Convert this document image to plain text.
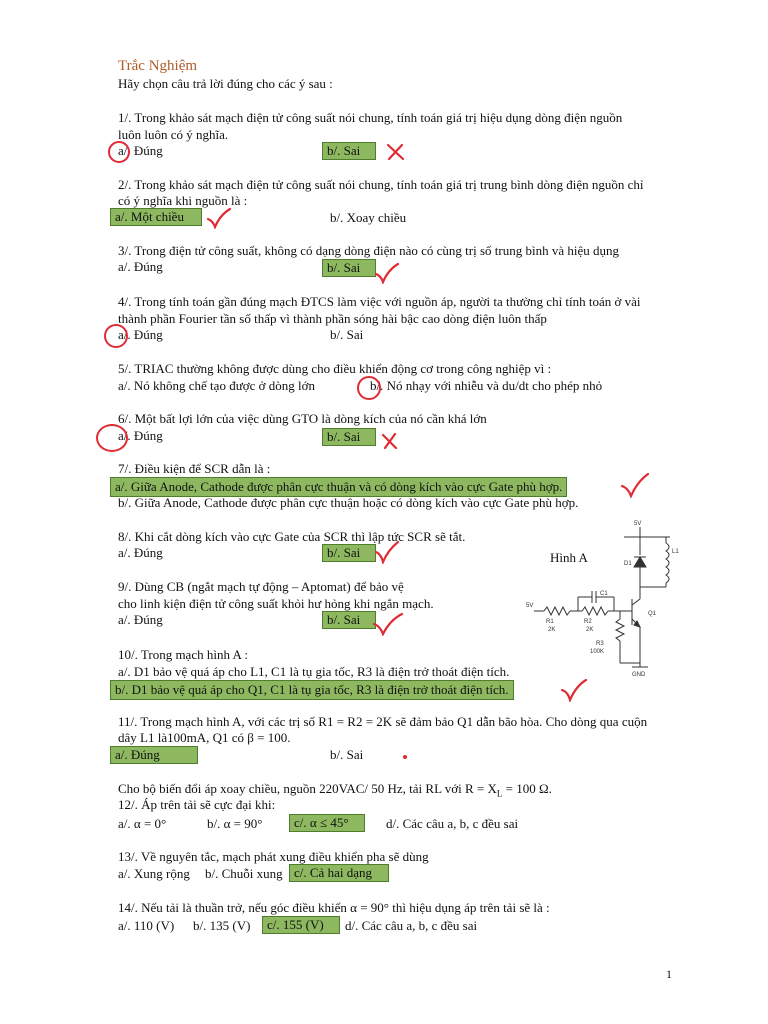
Trắc Nghiệm
Hãy chọn câu trả lời đúng cho các ý sau :
1/. Trong khảo sát mạch điện tử công suất nói chung, tính toán giá trị hiệu dụng dòng điện nguồn
luôn luôn có ý nghĩa.
a/. Đúng	b/. Sai
2/. Trong khảo sát mạch điện tử công suất nói chung, tính toán giá trị trung bình dòng điện nguồn chỉ
có ý nghĩa khi nguồn là :
a/. Một chiều	b/. Xoay chiều
3/. Trong điện tử công suất, không có dạng dòng điện nào có cùng trị số trung bình và hiệu dụng
a/. Đúng	b/. Sai
4/. Trong tính toán gần đúng mạch ĐTCS làm việc với nguồn áp, người ta thường chỉ tính toán ở vài
thành phần Fourier tần số thấp vì thành phần sóng hài bậc cao dòng điện luôn thấp
a/. Đúng	b/. Sai
5/. TRIAC thường không được dùng cho điều khiển động cơ trong công nghiệp vì :
a/. Nó không chế tạo được ở dòng lớn	b/. Nó nhạy với nhiễu và du/dt cho phép nhỏ
6/. Một bất lợi lớn của việc dùng GTO là dòng kích của nó cần khá lớn
a/. Đúng	b/. Sai
7/. Điều kiện để SCR dẫn là :
a/. Giữa Anode, Cathode được phân cực thuận và có dòng kích vào cực Gate phù hợp.
b/. Giữa Anode, Cathode được phân cực thuận hoặc có dòng kích vào cực Gate phù hợp.
8/. Khi cắt dòng kích vào cực Gate của SCR thì lập tức SCR sẽ tắt.
a/. Đúng	b/. Sai
9/. Dùng CB (ngắt mạch tự động – Aptomat) để bảo vệ
cho linh kiện điện tử công suất khỏi hư hỏng khi ngắn mạch.
a/. Đúng	b/. Sai
10/. Trong mạch hình A :
a/. D1 bảo vệ quá áp cho L1, C1 là tụ gia tốc, R3 là điện trở thoát điện tích.
b/. D1 bảo vệ quá áp cho Q1, C1 là tụ gia tốc, R3 là điện trở thoát điện tích.
11/. Trong mạch hình A, với các trị số R1 = R2 = 2K sẽ đảm bảo Q1 dẫn bão hòa. Cho dòng qua cuộn
dây L1 là100mA, Q1 có β = 100.
a/. Đúng	b/. Sai
Cho bộ biến đổi áp xoay chiều, nguồn 220VAC/ 50 Hz, tải RL với $R = X_L = 100$ Ω.
12/. Áp trên tải sẽ cực đại khi:
a/. α = 0°	b/. α = 90°	c/. α ≤ 45°	d/. Các câu a, b, c đều sai
13/. Về nguyên tắc, mạch phát xung điều khiển pha sẽ dùng
a/. Xung rộng b/. Chuỗi xung c/. Cả hai dạng
14/. Nếu tải là thuần trở, nếu góc điều khiển α = 90° thì hiệu dụng áp trên tải sẽ là :
a/. 110 (V) b/. 135 (V)	c/. 155 (V)	d/. Các câu a, b, c đều sai
1
Hình A
5V
D1
L1
C1
5V
R1
2K
R2
2K
Q1
R3
100K
GND
